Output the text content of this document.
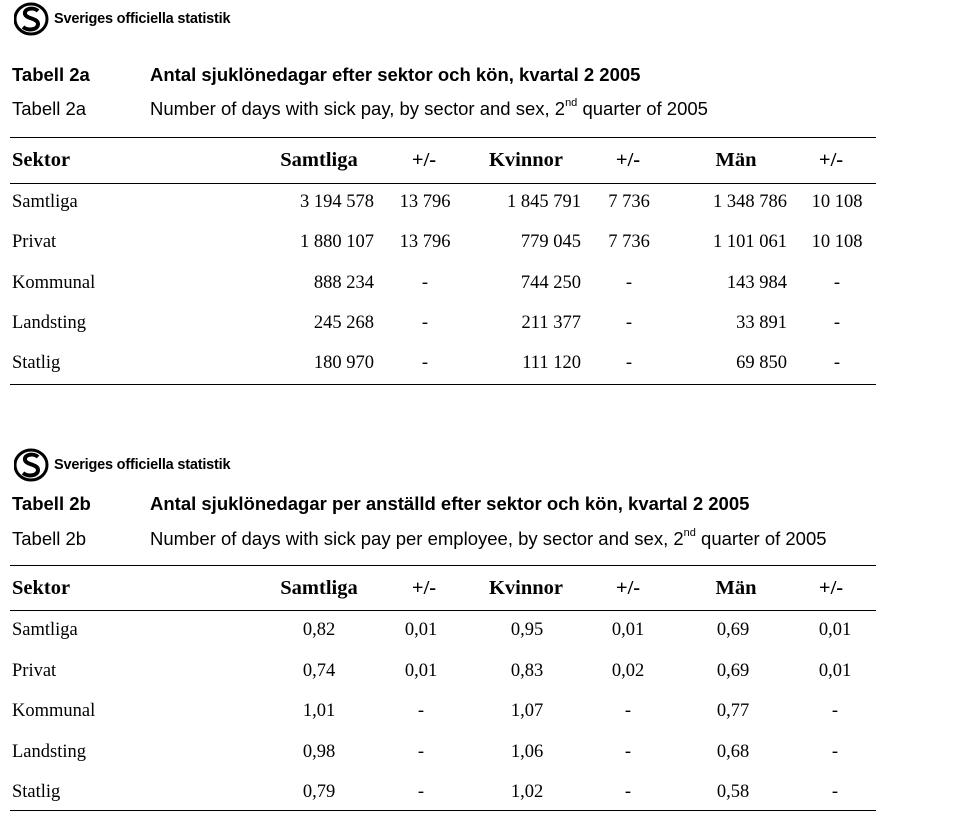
Sveriges officiella statistik
Tabell 2a	Antal sjuklönedagar efter sektor och kön, kvartal 2 2005
Tabell 2a	Number of days with sick pay, by sector and sex, 2nd quarter of 2005
Sektor	Samtliga	+/-	Kvinnor	+/-	Män	+/-
Samtliga	3 194 578	13 796	1 845 791	7 736	1 348 786	10 108
Privat	1 880 107	13 796	779 045	7 736	1 101 061	10 108
Kommunal	888 234	-	744 250	-	143 984	-
Landsting	245 268	-	211 377	-	33 891	-
Statlig	180 970	-	111 120	-	69 850	-
Sveriges officiella statistik
Tabell 2b	Antal sjuklönedagar per anställd efter sektor och kön, kvartal 2 2005
Tabell 2b	Number of days with sick pay per employee, by sector and sex, 2nd quarter of 2005
Sektor	Samtliga	+/-	Kvinnor	+/-	Män	+/-
Samtliga	0,82	0,01	0,95	0,01	0,69	0,01
Privat	0,74	0,01	0,83	0,02	0,69	0,01
Kommunal	1,01	-	1,07	-	0,77	-
Landsting	0,98	-	1,06	-	0,68	-
Statlig	0,79	-	1,02	-	0,58	-
